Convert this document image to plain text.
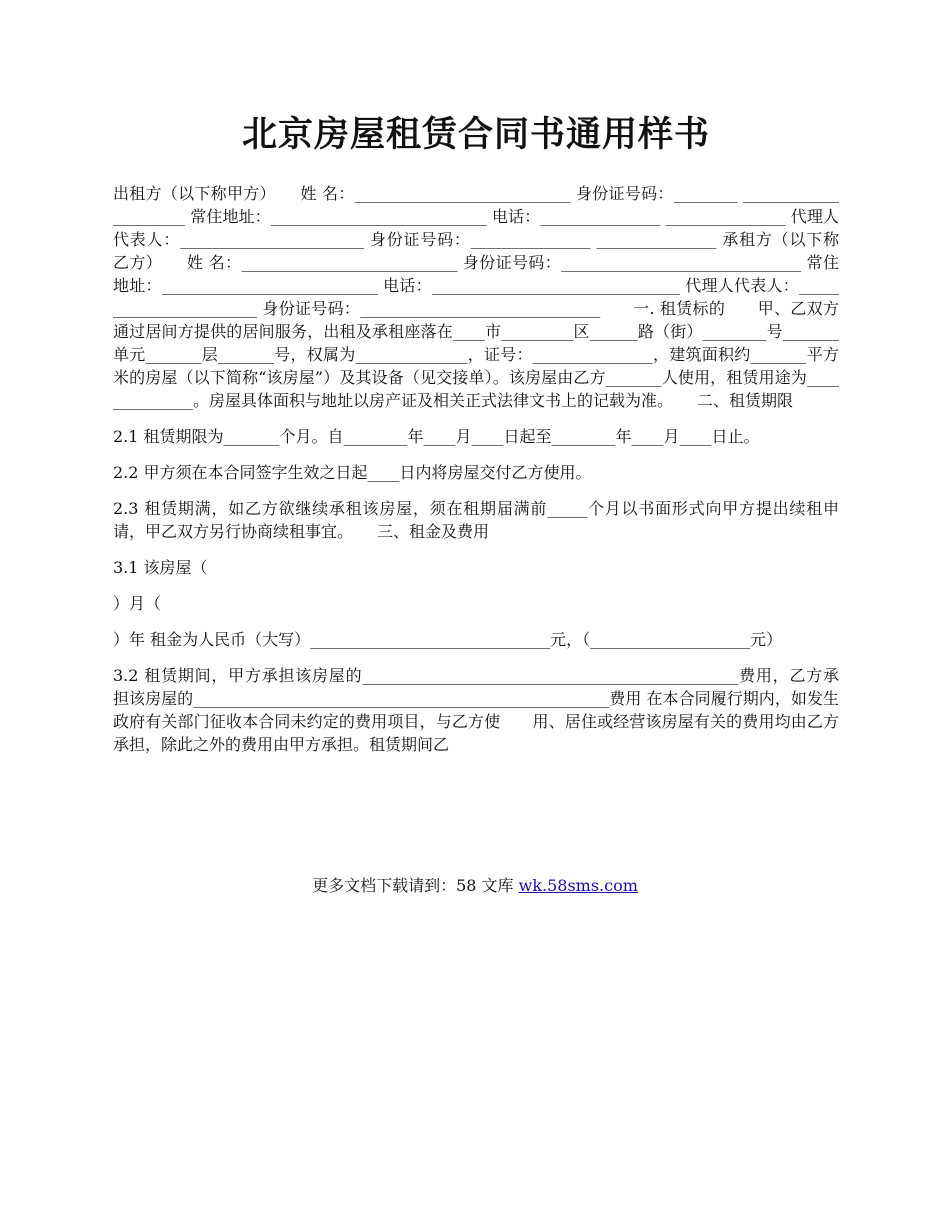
北京房屋租赁合同书通用样书

出租方（以下称甲方）　　姓 名：___________________________ 身份证号码：________ _____________________ 常住地址：___________________________ 电话：_______________ _______________ 代理人代表人：_______________________ 身份证号码：_______________ _______________ 承租方（以下称乙方）　　姓 名：___________________________ 身份证号码：______________________________ 常住地址：___________________________ 电话：_______________________________ 代理人代表人：_______________________ 身份证号码：______________________________　　一. 租赁标的　　甲、乙双方通过居间方提供的居间服务，出租及承租座落在____市_________区______路（街）________号_______单元_______层_______号，权属为______________，证号：_______________，建筑面积约_______平方米的房屋（以下简称“该房屋”）及其设备（见交接单）。该房屋由乙方_______人使用，租赁用途为______________。房屋具体面积与地址以房产证及相关正式法律文书上的记载为准。　　二、租赁期限

2.1 租赁期限为_______个月。自________年____月____日起至________年____月____日止。

2.2 甲方须在本合同签字生效之日起____日内将房屋交付乙方使用。

2.3 租赁期满，如乙方欲继续承租该房屋，须在租期届满前_____个月以书面形式向甲方提出续租申请，甲乙双方另行协商续租事宜。　　三、租金及费用

3.1 该房屋（

）月（

）年 租金为人民币（大写）______________________________元，（____________________元）

3.2 租赁期间，甲方承担该房屋的_______________________________________________费用，乙方承担该房屋的____________________________________________________费用 在本合同履行期内，如发生政府有关部门征收本合同未约定的费用项目，与乙方使　　用、居住或经营该房屋有关的费用均由乙方承担，除此之外的费用由甲方承担。租赁期间乙

更多文档下载请到：58 文库 wk.58sms.com
